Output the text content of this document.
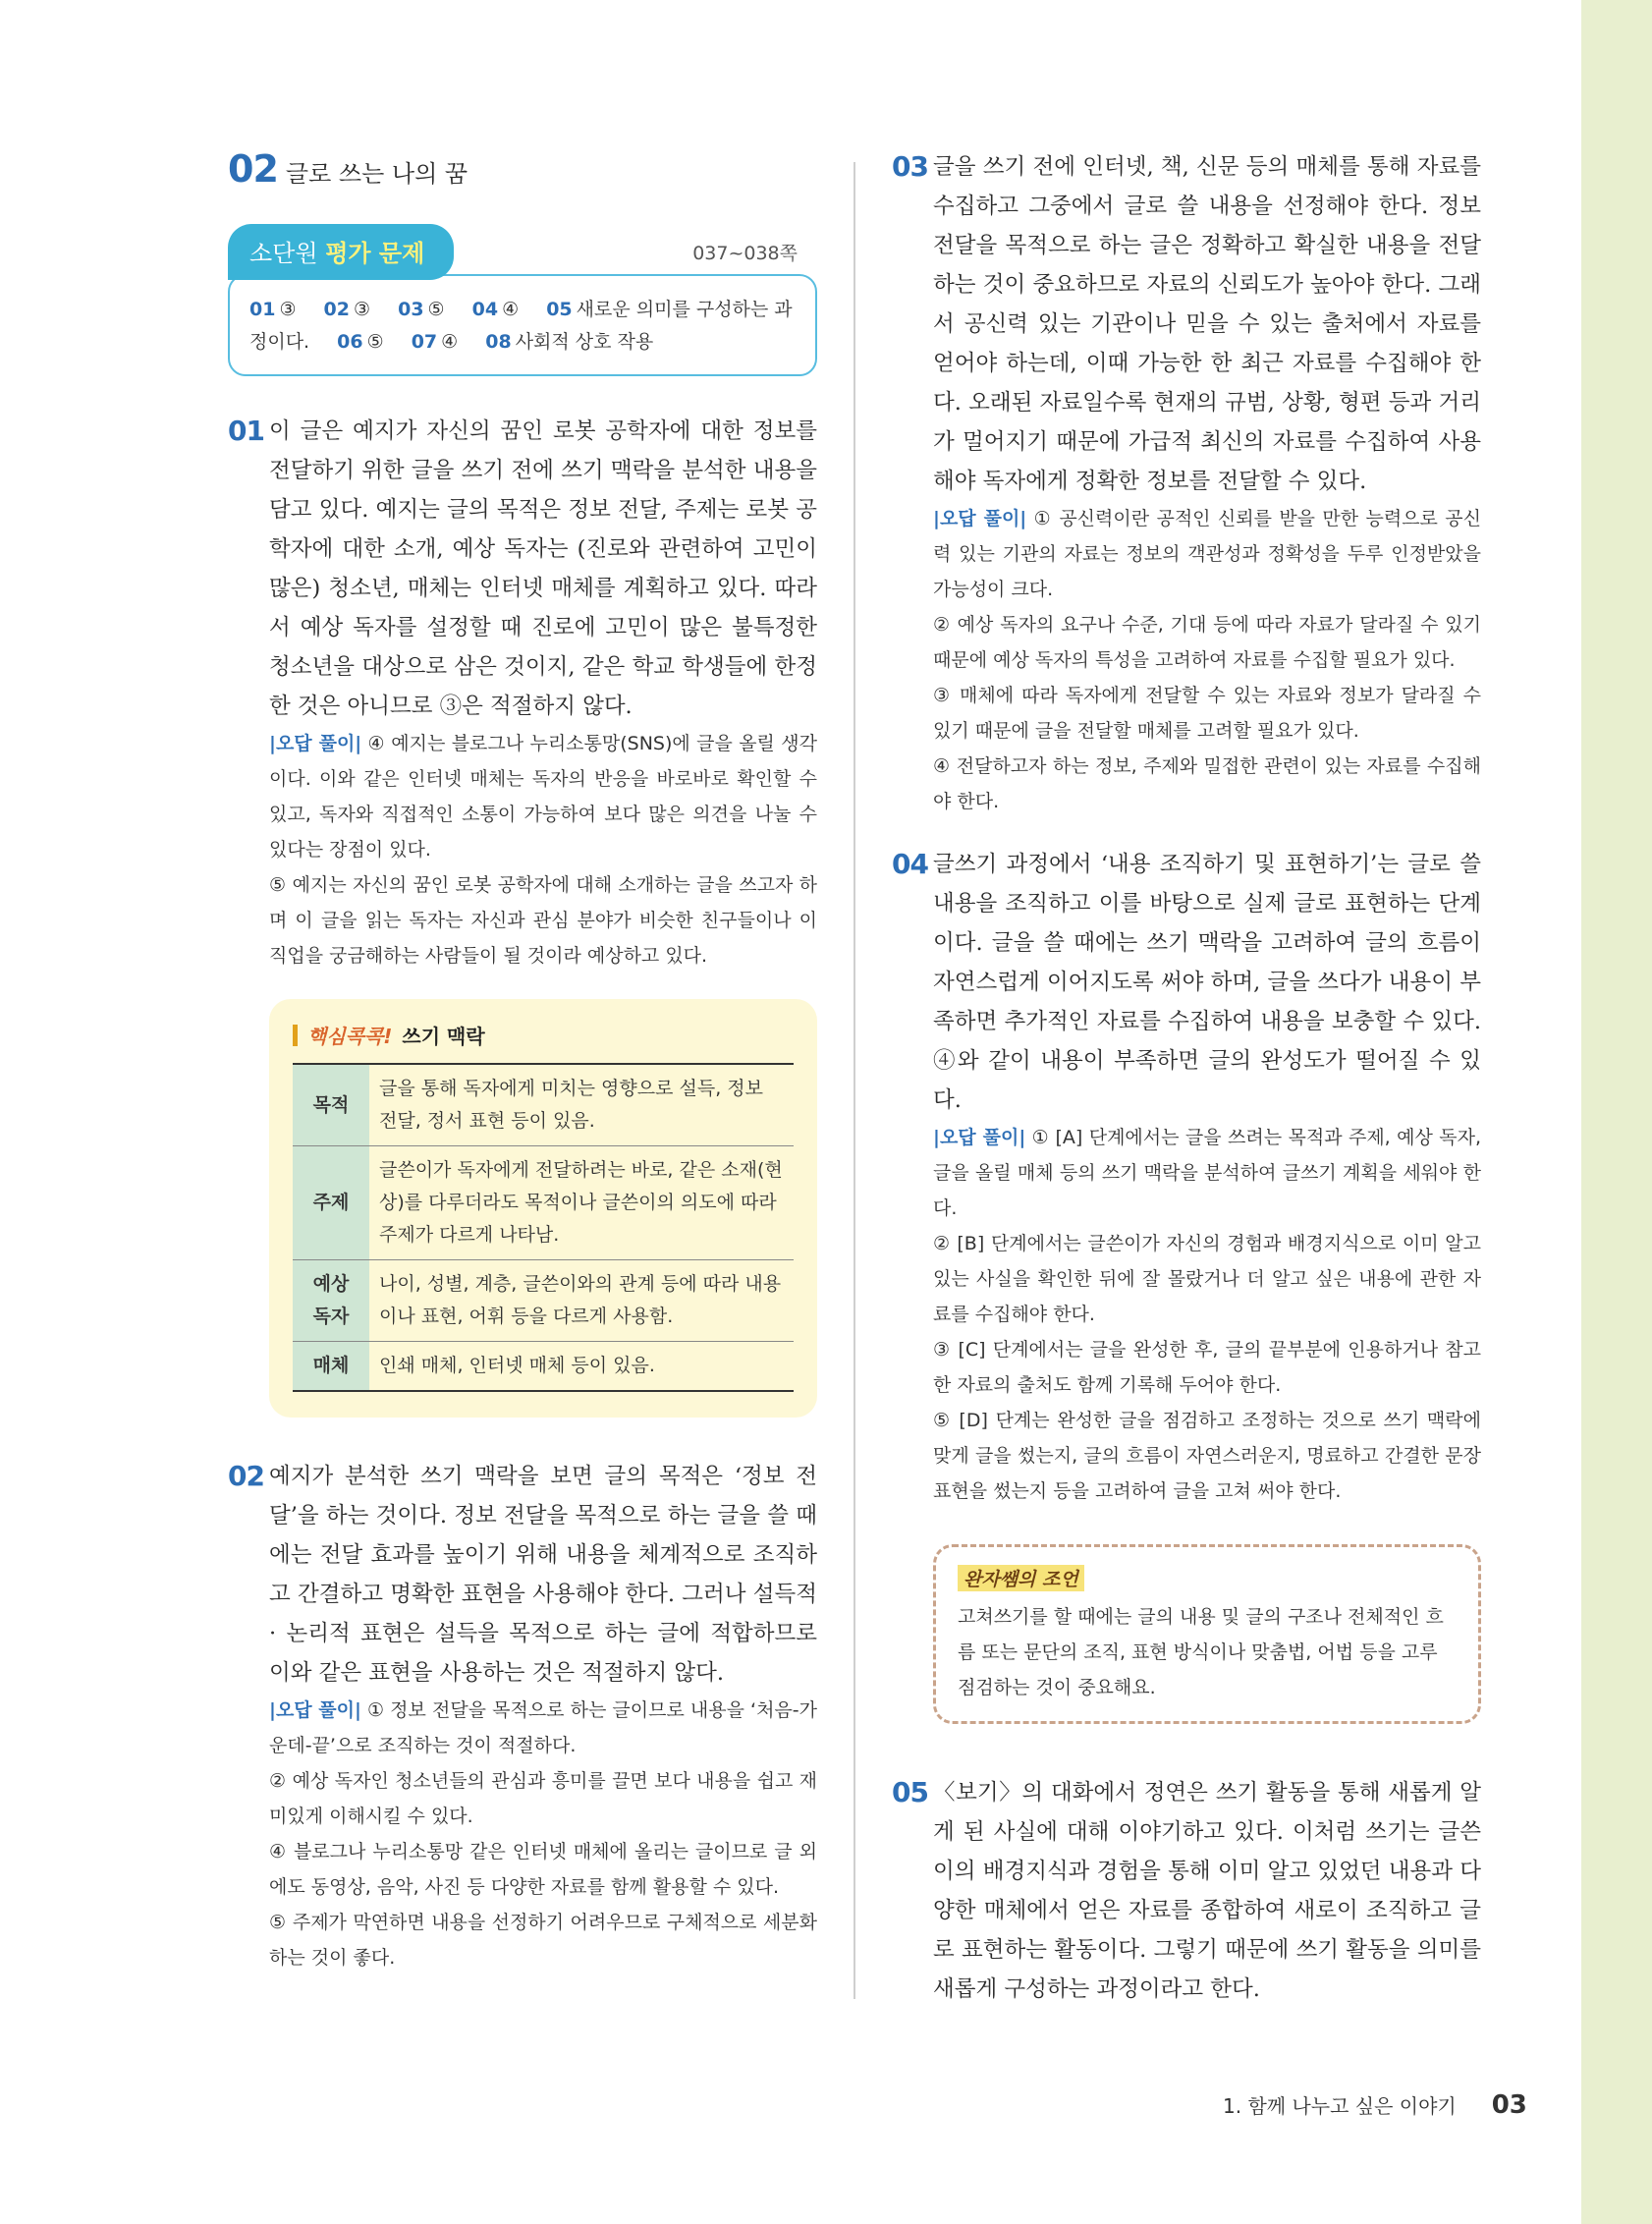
02 글로 쓰는 나의 꿈
소단원 평가 문제	037~038쪽
01 ③ 02 ③ 03 ⑤ 04 ④ 05 새로운 의미를 구성하는 과정이다. 06 ⑤ 07 ④ 08 사회적 상호 작용
01 이 글은 예지가 자신의 꿈인 로봇 공학자에 대한 정보를 전달하기 위한 글을 쓰기 전에 쓰기 맥락을 분석한 내용을 담고 있다. 예지는 글의 목적은 정보 전달, 주제는 로봇 공학자에 대한 소개, 예상 독자는 (진로와 관련하여 고민이 많은) 청소년, 매체는 인터넷 매체를 계획하고 있다. 따라서 예상 독자를 설정할 때 진로에 고민이 많은 불특정한 청소년을 대상으로 삼은 것이지, 같은 학교 학생들에 한정한 것은 아니므로 ③은 적절하지 않다.
|오답 풀이| ④ 예지는 블로그나 누리소통망(SNS)에 글을 올릴 생각이다. 이와 같은 인터넷 매체는 독자의 반응을 바로바로 확인할 수 있고, 독자와 직접적인 소통이 가능하여 보다 많은 의견을 나눌 수 있다는 장점이 있다.
⑤ 예지는 자신의 꿈인 로봇 공학자에 대해 소개하는 글을 쓰고자 하며 이 글을 읽는 독자는 자신과 관심 분야가 비슷한 친구들이나 이 직업을 궁금해하는 사람들이 될 것이라 예상하고 있다.
핵심콕콕! 쓰기 맥락
목적	글을 통해 독자에게 미치는 영향으로 설득, 정보 전달, 정서 표현 등이 있음.
주제	글쓴이가 독자에게 전달하려는 바로, 같은 소재(현상)를 다루더라도 목적이나 글쓴이의 의도에 따라 주제가 다르게 나타남.
예상 독자	나이, 성별, 계층, 글쓴이와의 관계 등에 따라 내용이나 표현, 어휘 등을 다르게 사용함.
매체	인쇄 매체, 인터넷 매체 등이 있음.
02 예지가 분석한 쓰기 맥락을 보면 글의 목적은 ‘정보 전달’을 하는 것이다. 정보 전달을 목적으로 하는 글을 쓸 때에는 전달 효과를 높이기 위해 내용을 체계적으로 조직하고 간결하고 명확한 표현을 사용해야 한다. 그러나 설득적 · 논리적 표현은 설득을 목적으로 하는 글에 적합하므로 이와 같은 표현을 사용하는 것은 적절하지 않다.
|오답 풀이| ① 정보 전달을 목적으로 하는 글이므로 내용을 ‘처음-가운데-끝’으로 조직하는 것이 적절하다.
② 예상 독자인 청소년들의 관심과 흥미를 끌면 보다 내용을 쉽고 재미있게 이해시킬 수 있다.
④ 블로그나 누리소통망 같은 인터넷 매체에 올리는 글이므로 글 외에도 동영상, 음악, 사진 등 다양한 자료를 함께 활용할 수 있다.
⑤ 주제가 막연하면 내용을 선정하기 어려우므로 구체적으로 세분화하는 것이 좋다.
03 글을 쓰기 전에 인터넷, 책, 신문 등의 매체를 통해 자료를 수집하고 그중에서 글로 쓸 내용을 선정해야 한다. 정보 전달을 목적으로 하는 글은 정확하고 확실한 내용을 전달하는 것이 중요하므로 자료의 신뢰도가 높아야 한다. 그래서 공신력 있는 기관이나 믿을 수 있는 출처에서 자료를 얻어야 하는데, 이때 가능한 한 최근 자료를 수집해야 한다. 오래된 자료일수록 현재의 규범, 상황, 형편 등과 거리가 멀어지기 때문에 가급적 최신의 자료를 수집하여 사용해야 독자에게 정확한 정보를 전달할 수 있다.
|오답 풀이| ① 공신력이란 공적인 신뢰를 받을 만한 능력으로 공신력 있는 기관의 자료는 정보의 객관성과 정확성을 두루 인정받았을 가능성이 크다.
② 예상 독자의 요구나 수준, 기대 등에 따라 자료가 달라질 수 있기 때문에 예상 독자의 특성을 고려하여 자료를 수집할 필요가 있다.
③ 매체에 따라 독자에게 전달할 수 있는 자료와 정보가 달라질 수 있기 때문에 글을 전달할 매체를 고려할 필요가 있다.
④ 전달하고자 하는 정보, 주제와 밀접한 관련이 있는 자료를 수집해야 한다.
04 글쓰기 과정에서 ‘내용 조직하기 및 표현하기’는 글로 쓸 내용을 조직하고 이를 바탕으로 실제 글로 표현하는 단계이다. 글을 쓸 때에는 쓰기 맥락을 고려하여 글의 흐름이 자연스럽게 이어지도록 써야 하며, 글을 쓰다가 내용이 부족하면 추가적인 자료를 수집하여 내용을 보충할 수 있다. ④와 같이 내용이 부족하면 글의 완성도가 떨어질 수 있다.
|오답 풀이| ① [A] 단계에서는 글을 쓰려는 목적과 주제, 예상 독자, 글을 올릴 매체 등의 쓰기 맥락을 분석하여 글쓰기 계획을 세워야 한다.
② [B] 단계에서는 글쓴이가 자신의 경험과 배경지식으로 이미 알고 있는 사실을 확인한 뒤에 잘 몰랐거나 더 알고 싶은 내용에 관한 자료를 수집해야 한다.
③ [C] 단계에서는 글을 완성한 후, 글의 끝부분에 인용하거나 참고한 자료의 출처도 함께 기록해 두어야 한다.
⑤ [D] 단계는 완성한 글을 점검하고 조정하는 것으로 쓰기 맥락에 맞게 글을 썼는지, 글의 흐름이 자연스러운지, 명료하고 간결한 문장 표현을 썼는지 등을 고려하여 글을 고쳐 써야 한다.
완자쌤의 조언
고쳐쓰기를 할 때에는 글의 내용 및 글의 구조나 전체적인 흐름 또는 문단의 조직, 표현 방식이나 맞춤법, 어법 등을 고루 점검하는 것이 중요해요.
05 〈보기〉의 대화에서 정연은 쓰기 활동을 통해 새롭게 알게 된 사실에 대해 이야기하고 있다. 이처럼 쓰기는 글쓴이의 배경지식과 경험을 통해 이미 알고 있었던 내용과 다양한 매체에서 얻은 자료를 종합하여 새로이 조직하고 글로 표현하는 활동이다. 그렇기 때문에 쓰기 활동을 의미를 새롭게 구성하는 과정이라고 한다.
1. 함께 나누고 싶은 이야기 03
